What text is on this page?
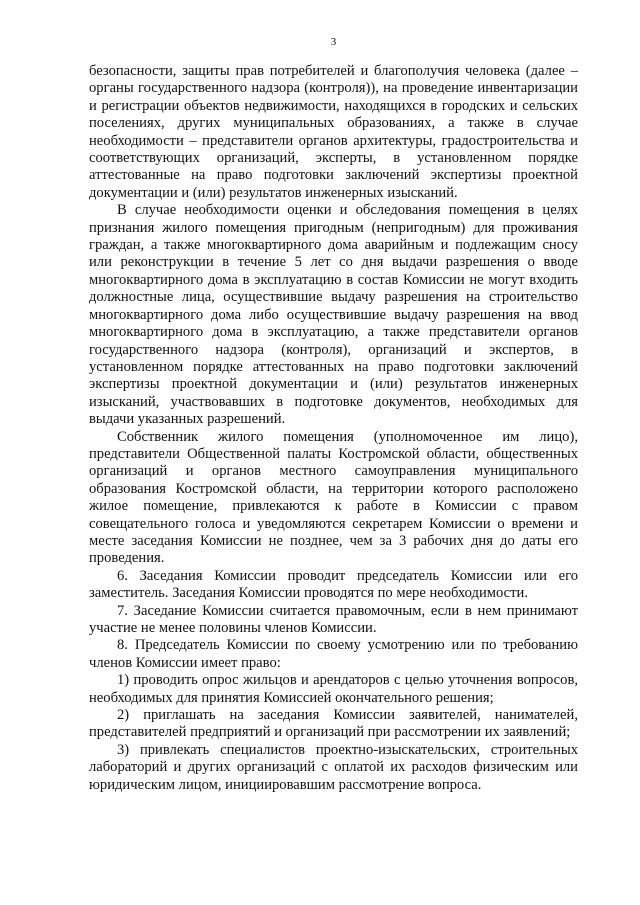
3

безопасности, защиты прав потребителей и благополучия человека (далее – органы государственного надзора (контроля)), на проведение инвентаризации и регистрации объектов недвижимости, находящихся в городских и сельских поселениях, других муниципальных образованиях, а также в случае необходимости – представители органов архитектуры, градостроительства и соответствующих организаций, эксперты, в установленном порядке аттестованные на право подготовки заключений экспертизы проектной документации и (или) результатов инженерных изысканий.

В случае необходимости оценки и обследования помещения в целях признания жилого помещения пригодным (непригодным) для проживания граждан, а также многоквартирного дома аварийным и подлежащим сносу или реконструкции в течение 5 лет со дня выдачи разрешения о вводе многоквартирного дома в эксплуатацию в состав Комиссии не могут входить должностные лица, осуществившие выдачу разрешения на строительство многоквартирного дома либо осуществившие выдачу разрешения на ввод многоквартирного дома в эксплуатацию, а также представители органов государственного надзора (контроля), организаций и экспертов, в установленном порядке аттестованных на право подготовки заключений экспертизы проектной документации и (или) результатов инженерных изысканий, участвовавших в подготовке документов, необходимых для выдачи указанных разрешений.

Собственник жилого помещения (уполномоченное им лицо), представители Общественной палаты Костромской области, общественных организаций и органов местного самоуправления муниципального образования Костромской области, на территории которого расположено жилое помещение, привлекаются к работе в Комиссии с правом совещательного голоса и уведомляются секретарем Комиссии о времени и месте заседания Комиссии не позднее, чем за 3 рабочих дня до даты его проведения.

6. Заседания Комиссии проводит председатель Комиссии или его заместитель. Заседания Комиссии проводятся по мере необходимости.

7. Заседание Комиссии считается правомочным, если в нем принимают участие не менее половины членов Комиссии.

8. Председатель Комиссии по своему усмотрению или по требованию членов Комиссии имеет право:

1) проводить опрос жильцов и арендаторов с целью уточнения вопросов, необходимых для принятия Комиссией окончательного решения;

2) приглашать на заседания Комиссии заявителей, нанимателей, представителей предприятий и организаций при рассмотрении их заявлений;

3) привлекать специалистов проектно-изыскательских, строительных лабораторий и других организаций с оплатой их расходов физическим или юридическим лицом, инициировавшим рассмотрение вопроса.
